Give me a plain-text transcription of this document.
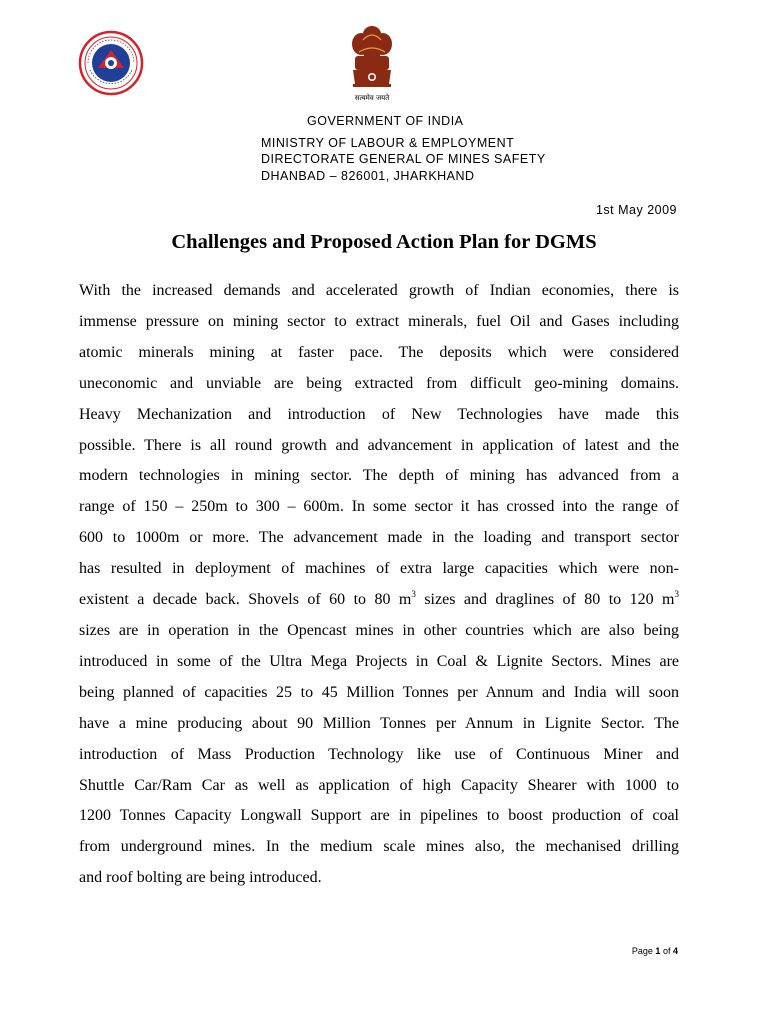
सत्यमेव जयते
GOVERNMENT OF INDIA
MINISTRY OF LABOUR & EMPLOYMENT
DIRECTORATE GENERAL OF MINES SAFETY
DHANBAD – 826001, JHARKHAND
1st May 2009
Challenges and Proposed Action Plan for DGMS
With the increased demands and accelerated growth of Indian economies, there is
immense pressure on mining sector to extract minerals, fuel Oil and Gases including
atomic minerals mining at faster pace. The deposits which were considered
uneconomic and unviable are being extracted from difficult geo-mining domains.
Heavy Mechanization and introduction of New Technologies have made this
possible. There is all round growth and advancement in application of latest and the
modern technologies in mining sector. The depth of mining has advanced from a
range of 150 – 250m to 300 – 600m. In some sector it has crossed into the range of
600 to 1000m or more. The advancement made in the loading and transport sector
has resulted in deployment of machines of extra large capacities which were non-
existent a decade back. Shovels of 60 to 80 $m^3$ sizes and draglines of 80 to 120 $m^3$
sizes are in operation in the Opencast mines in other countries which are also being
introduced in some of the Ultra Mega Projects in Coal & Lignite Sectors. Mines are
being planned of capacities 25 to 45 Million Tonnes per Annum and India will soon
have a mine producing about 90 Million Tonnes per Annum in Lignite Sector. The
introduction of Mass Production Technology like use of Continuous Miner and
Shuttle Car/Ram Car as well as application of high Capacity Shearer with 1000 to
1200 Tonnes Capacity Longwall Support are in pipelines to boost production of coal
from underground mines. In the medium scale mines also, the mechanised drilling
and roof bolting are being introduced.
Page 1 of 4
